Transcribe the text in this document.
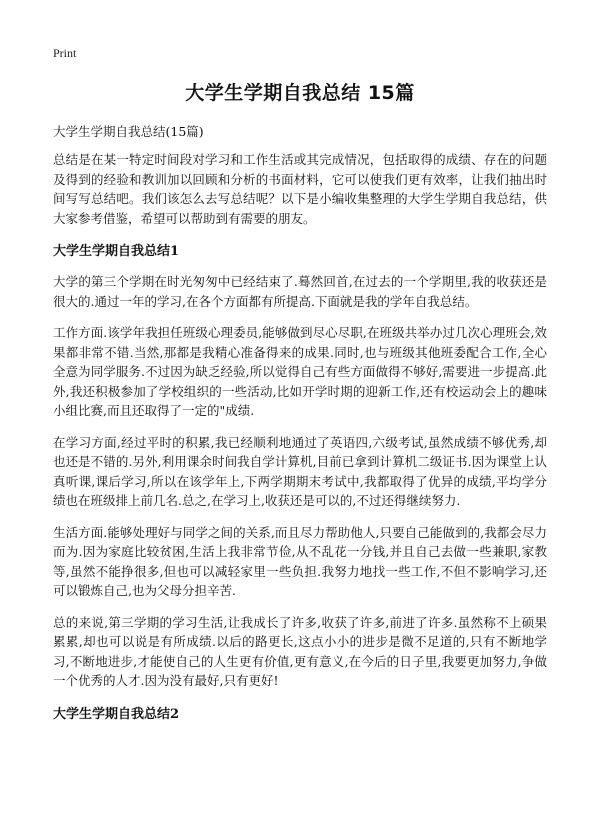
Print
大学生学期自我总结 15篇

大学生学期自我总结(15篇)

总结是在某一特定时间段对学习和工作生活或其完成情况，包括取得的成绩、存在的问题及得到的经验和教训加以回顾和分析的书面材料，它可以使我们更有效率，让我们抽出时间写写总结吧。我们该怎么去写总结呢？以下是小编收集整理的大学生学期自我总结，供大家参考借鉴，希望可以帮助到有需要的朋友。

大学生学期自我总结1

大学的第三个学期在时光匆匆中已经结束了.蓦然回首,在过去的一个学期里,我的收获还是很大的.通过一年的学习,在各个方面都有所提高.下面就是我的学年自我总结。

工作方面.该学年我担任班级心理委员,能够做到尽心尽职,在班级共举办过几次心理班会,效果都非常不错.当然,那都是我精心准备得来的成果.同时,也与班级其他班委配合工作,全心全意为同学服务.不过因为缺乏经验,所以觉得自己有些方面做得不够好,需要进一步提高.此外,我还积极参加了学校组织的一些活动,比如开学时期的迎新工作,还有校运动会上的趣味小组比赛,而且还取得了一定的"成绩.

在学习方面,经过平时的积累,我已经顺利地通过了英语四,六级考试,虽然成绩不够优秀,却也还是不错的.另外,利用课余时间我自学计算机,目前已拿到计算机二级证书.因为课堂上认真听课,课后学习,所以在该学年上,下两学期期末考试中,我都取得了优异的成绩,平均学分绩也在班级排上前几名.总之,在学习上,收获还是可以的,不过还得继续努力.

生活方面.能够处理好与同学之间的关系,而且尽力帮助他人,只要自己能做到的,我都会尽力而为.因为家庭比较贫困,生活上我非常节俭,从不乱花一分钱,并且自己去做一些兼职,家教等,虽然不能挣很多,但也可以减轻家里一些负担.我努力地找一些工作,不但不影响学习,还可以锻炼自己,也为父母分担辛苦.

总的来说,第三学期的学习生活,让我成长了许多,收获了许多,前进了许多.虽然称不上硕果累累,却也可以说是有所成绩.以后的路更长,这点小小的进步是微不足道的,只有不断地学习,不断地进步,才能使自己的人生更有价值,更有意义,在今后的日子里,我要更加努力,争做一个优秀的人才.因为没有最好,只有更好!

大学生学期自我总结2
